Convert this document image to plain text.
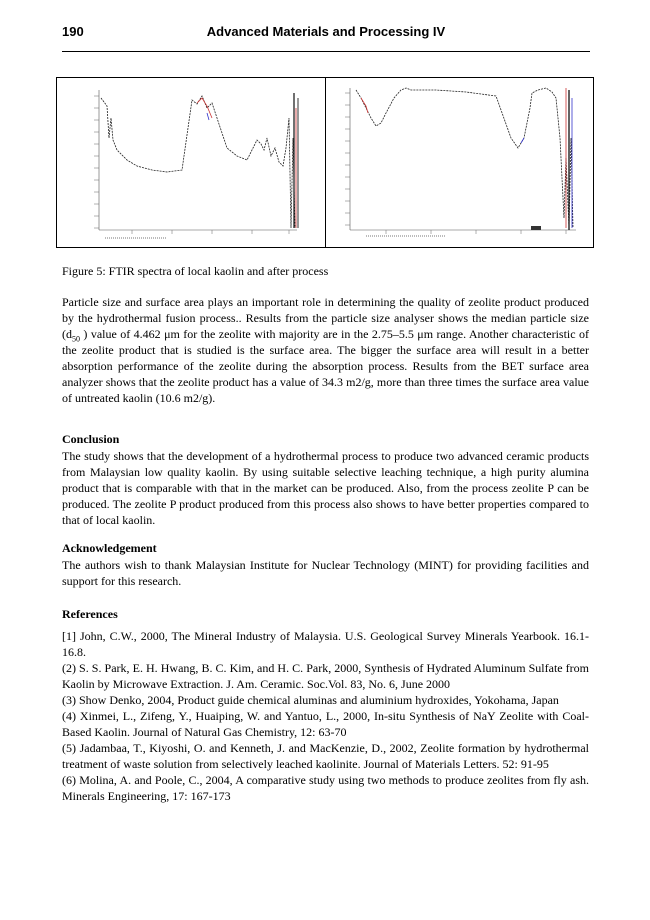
190	Advanced Materials and Processing IV
Figure 5: FTIR spectra of local kaolin and after process
Particle size and surface area plays an important role in determining the quality of zeolite product produced by the hydrothermal fusion process.. Results from the particle size analyser shows the median particle size ($d_{50}$ ) value of 4.462 μm for the zeolite with majority are in the 2.75–5.5 μm range. Another characteristic of the zeolite product that is studied is the surface area. The bigger the surface area will result in a better absorption performance of the zeolite during the absorption process. Results from the BET surface area analyzer shows that the zeolite product has a value of 34.3 m2/g, more than three times the surface area value of untreated kaolin (10.6 m2/g).
Conclusion
The study shows that the development of a hydrothermal process to produce two advanced ceramic products from Malaysian low quality kaolin. By using suitable selective leaching technique, a high purity alumina product that is comparable with that in the market can be produced. Also, from the process zeolite P can be produced. The zeolite P product produced from this process also shows to have better properties compared to that of local kaolin.
Acknowledgement
The authors wish to thank Malaysian Institute for Nuclear Technology (MINT) for providing facilities and support for this research.
References

[1] John, C.W., 2000, The Mineral Industry of Malaysia. U.S. Geological Survey Minerals Yearbook. 16.1-16.8.

(2) S. S. Park, E. H. Hwang, B. C. Kim, and H. C. Park, 2000, Synthesis of Hydrated Aluminum Sulfate from Kaolin by Microwave Extraction. J. Am. Ceramic. Soc.Vol. 83, No. 6, June 2000

(3) Show Denko, 2004, Product guide chemical aluminas and aluminium hydroxides, Yokohama, Japan

(4) Xinmei, L., Zifeng, Y., Huaiping, W. and Yantuo, L., 2000, In-situ Synthesis of NaY Zeolite with Coal-Based Kaolin. Journal of Natural Gas Chemistry, 12: 63-70

(5) Jadambaa, T., Kiyoshi, O. and Kenneth, J. and MacKenzie, D., 2002, Zeolite formation by hydrothermal treatment of waste solution from selectively leached kaolinite. Journal of Materials Letters. 52: 91-95

(6) Molina, A. and Poole, C., 2004, A comparative study using two methods to produce zeolites from fly ash. Minerals Engineering, 17: 167-173
